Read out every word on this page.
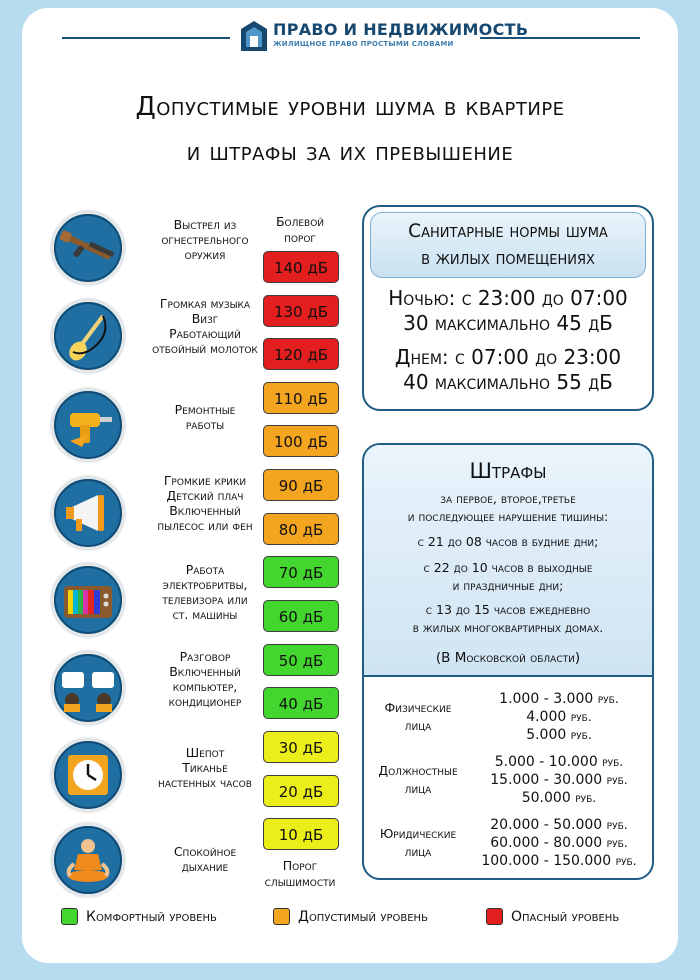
ПРАВО И НЕДВИЖИМОСТЬ
ЖИЛИЩНОЕ ПРАВО ПРОСТЫМИ СЛОВАМИ
Допустимые уровни шума в квартире
и штрафы за их превышение
Выстрел из
огнестрельного
оружия
Громкая музыка
Визг
Работающий
отбойный молоток
Ремонтные
работы
Громкие крики
Детский плач
Включенный
пылесос или фен
Работа
электробритвы,
телевизора или
ст. машины
Разговор
Включенный
компьютер,
кондиционер
Шепот
Тиканье
настенных часов
Спокойное
дыхание
Болевой
порог
Порог
слышимости
140 дБ
130 дБ
120 дБ
110 дБ
100 дБ
90 дБ
80 дБ
70 дБ
60 дБ
50 дБ
40 дБ
30 дБ
20 дБ
10 дБ
Санитарные нормы шума
в жилых помещениях
Ночью: с 23:00 до 07:00
30 максимально 45 дБ
Днем: с 07:00 до 23:00
40 максимально 55 дБ
Штрафы
за первое, второе,третье
и последующее нарушение тишины:
с 21 до 08 часов в будние дни;
с 22 до 10 часов в выходные
и праздничные дни;
с 13 до 15 часов ежедневно
в жилых многоквартирных домах.
(В Московской области)
Физические
лица
1.000 - 3.000 руб.
4.000 руб.
5.000 руб.
Должностные
лица
5.000 - 10.000 руб.
15.000 - 30.000 руб.
50.000 руб.
Юридические
лица
20.000 - 50.000 руб.
60.000 - 80.000 руб.
100.000 - 150.000 руб.
Комфортный уровень	Допустимый уровень	Опасный уровень
